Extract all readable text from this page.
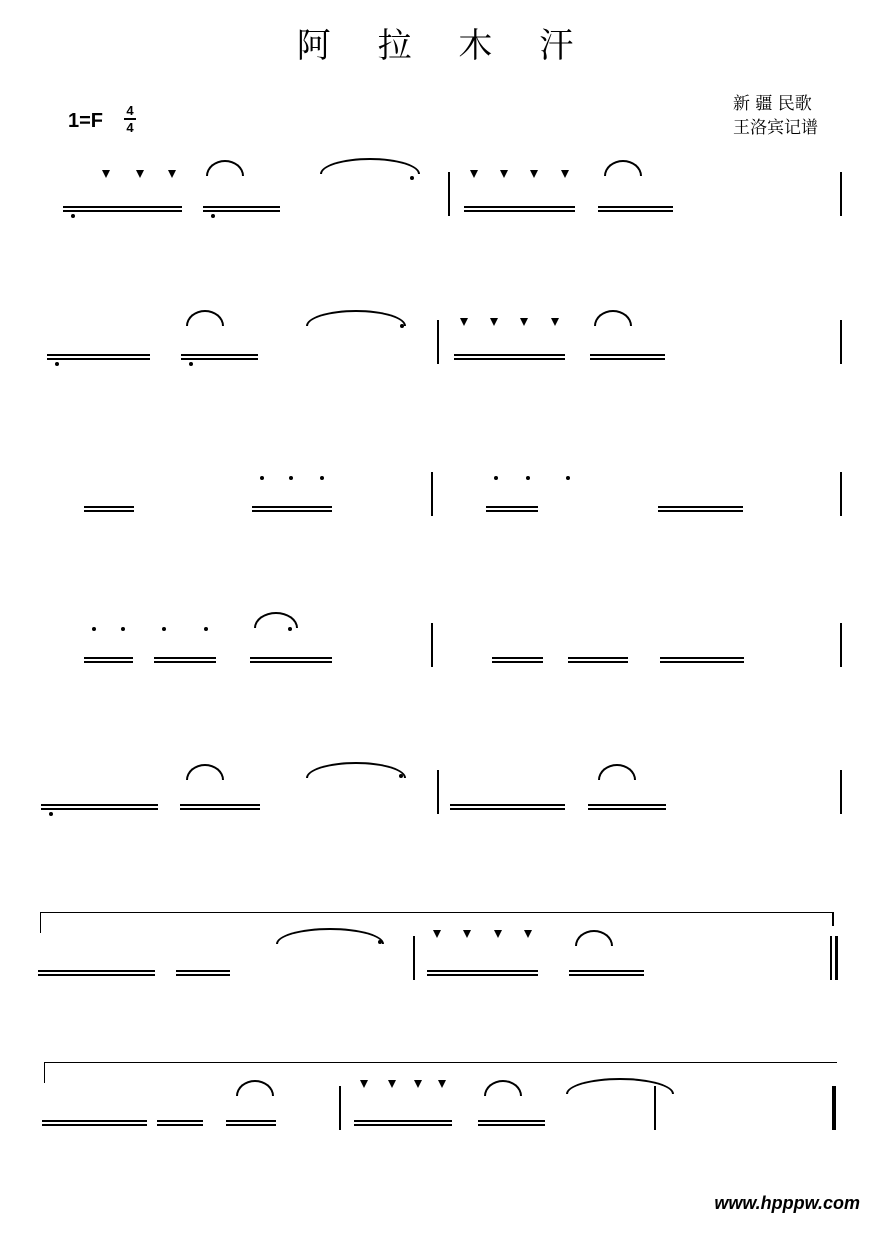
阿 拉 木 汗
1=F 4
4
新 疆 民歌
王洛宾记谱
www.hpppw.com
